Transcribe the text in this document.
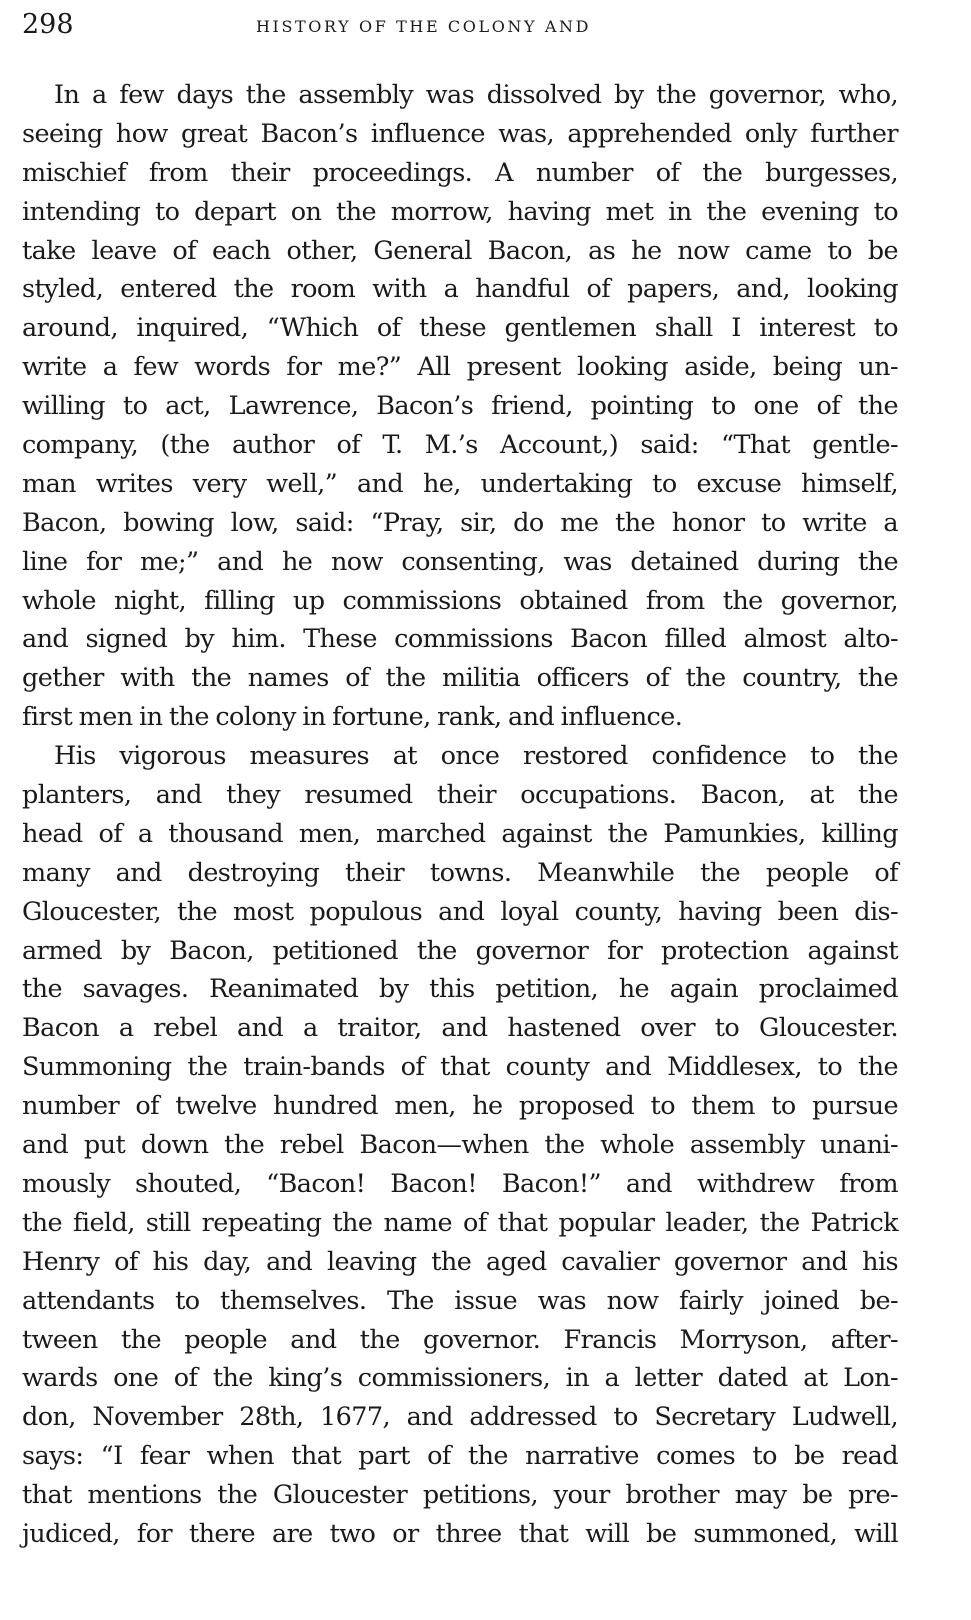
298	HISTORY OF THE COLONY AND
In a few days the assembly was dissolved by the governor, who,
seeing how great Bacon’s influence was, apprehended only further
mischief from their proceedings. A number of the burgesses,
intending to depart on the morrow, having met in the evening to
take leave of each other, General Bacon, as he now came to be
styled, entered the room with a handful of papers, and, looking
around, inquired, “Which of these gentlemen shall I interest to
write a few words for me?” All present looking aside, being un-
willing to act, Lawrence, Bacon’s friend, pointing to one of the
company, (the author of T. M.’s Account,) said: “That gentle-
man writes very well,” and he, undertaking to excuse himself,
Bacon, bowing low, said: “Pray, sir, do me the honor to write a
line for me;” and he now consenting, was detained during the
whole night, filling up commissions obtained from the governor,
and signed by him. These commissions Bacon filled almost alto-
gether with the names of the militia officers of the country, the
first men in the colony in fortune, rank, and influence.
His vigorous measures at once restored confidence to the
planters, and they resumed their occupations. Bacon, at the
head of a thousand men, marched against the Pamunkies, killing
many and destroying their towns. Meanwhile the people of
Gloucester, the most populous and loyal county, having been dis-
armed by Bacon, petitioned the governor for protection against
the savages. Reanimated by this petition, he again proclaimed
Bacon a rebel and a traitor, and hastened over to Gloucester.
Summoning the train-bands of that county and Middlesex, to the
number of twelve hundred men, he proposed to them to pursue
and put down the rebel Bacon—when the whole assembly unani-
mously shouted, “Bacon! Bacon! Bacon!” and withdrew from
the field, still repeating the name of that popular leader, the Patrick
Henry of his day, and leaving the aged cavalier governor and his
attendants to themselves. The issue was now fairly joined be-
tween the people and the governor. Francis Morryson, after-
wards one of the king’s commissioners, in a letter dated at Lon-
don, November 28th, 1677, and addressed to Secretary Ludwell,
says: “I fear when that part of the narrative comes to be read
that mentions the Gloucester petitions, your brother may be pre-
judiced, for there are two or three that will be summoned, will
